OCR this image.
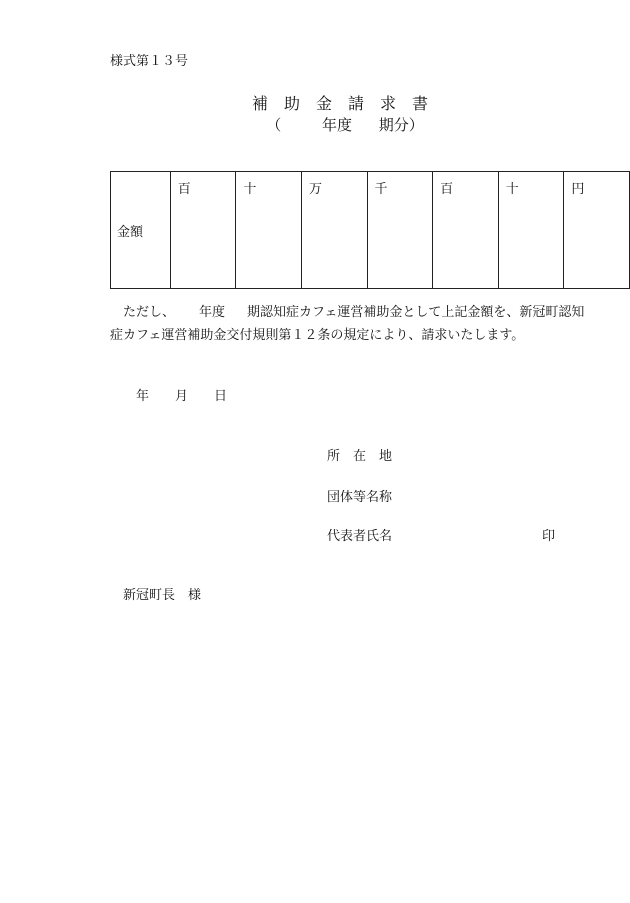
様式第１３号
補　助　金　請　求　書
（	年度 期分）
金額	百	十	万	千	百	十	円
　ただし、 年度 期認知症カフェ運営補助金として上記金額を、新冠町認知
症カフェ運営補助金交付規則第１２条の規定により、請求いたします。
年 月 日
所　在　地
団体等名称
代表者氏名	印
新冠町長　様
